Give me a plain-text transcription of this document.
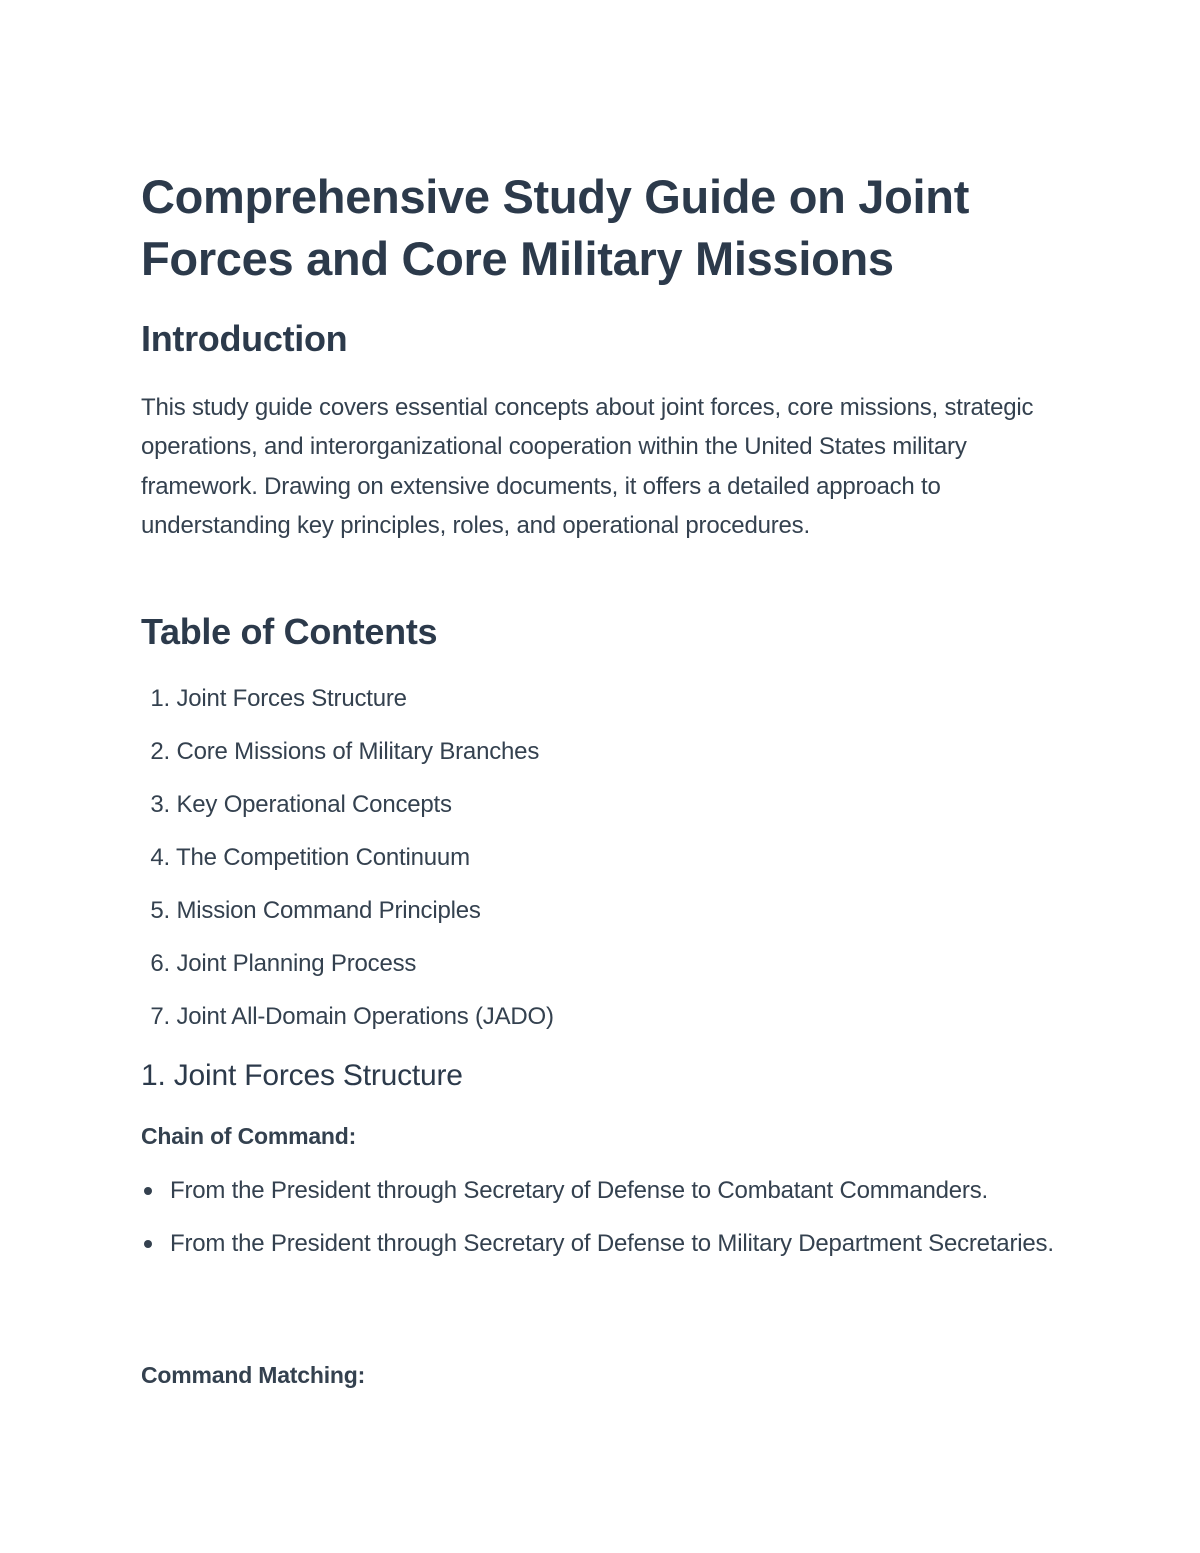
Comprehensive Study Guide on Joint Forces and Core Military Missions
Introduction

This study guide covers essential concepts about joint forces, core missions, strategic operations, and interorganizational cooperation within the United States military framework. Drawing on extensive documents, it offers a detailed approach to understanding key principles, roles, and operational procedures.

Table of Contents
1. Joint Forces Structure
2. Core Missions of Military Branches
3. Key Operational Concepts
4. The Competition Continuum
5. Mission Command Principles
6. Joint Planning Process
7. Joint All-Domain Operations (JADO)
1. Joint Forces Structure
Chain of Command:
From the President through Secretary of Defense to Combatant Commanders.
From the President through Secretary of Defense to Military Department Secretaries.
Command Matching:
